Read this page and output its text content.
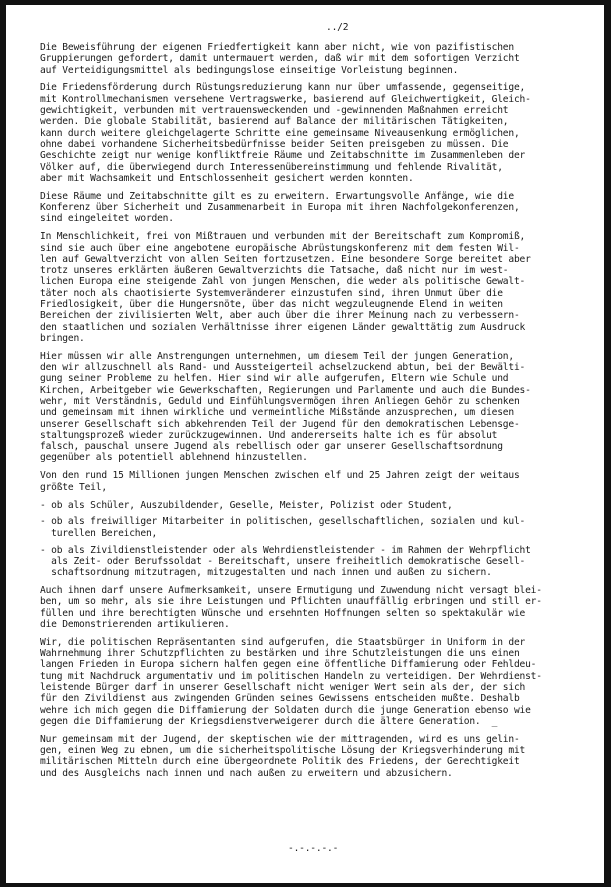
../2
Die Beweisführung der eigenen Friedfertigkeit kann aber nicht, wie von pazifistischen
Gruppierungen gefordert, damit untermauert werden, daß wir mit dem sofortigen Verzicht
auf Verteidigungsmittel als bedingungslose einseitige Vorleistung beginnen.
Die Friedensförderung durch Rüstungsreduzierung kann nur über umfassende, gegenseitige,
mit Kontrollmechanismen versehene Vertragswerke, basierend auf Gleichwertigkeit, Gleich-
gewichtigkeit, verbunden mit vertrauensweckenden und -gewinnenden Maßnahmen erreicht
werden. Die globale Stabilität, basierend auf Balance der militärischen Tätigkeiten,
kann durch weitere gleichgelagerte Schritte eine gemeinsame Niveausenkung ermöglichen,
ohne dabei vorhandene Sicherheitsbedürfnisse beider Seiten preisgeben zu müssen. Die
Geschichte zeigt nur wenige konfliktfreie Räume und Zeitabschnitte im Zusammenleben der
Völker auf, die überwiegend durch Interessenübereinstimmung und fehlende Rivalität,
aber mit Wachsamkeit und Entschlossenheit gesichert werden konnten.
Diese Räume und Zeitabschnitte gilt es zu erweitern. Erwartungsvolle Anfänge, wie die
Konferenz über Sicherheit und Zusammenarbeit in Europa mit ihren Nachfolgekonferenzen,
sind eingeleitet worden.
In Menschlichkeit, frei von Mißtrauen und verbunden mit der Bereitschaft zum Kompromiß,
sind sie auch über eine angebotene europäische Abrüstungskonferenz mit dem festen Wil-
len auf Gewaltverzicht von allen Seiten fortzusetzen. Eine besondere Sorge bereitet aber
trotz unseres erklärten äußeren Gewaltverzichts die Tatsache, daß nicht nur im west-
lichen Europa eine steigende Zahl von jungen Menschen, die weder als politische Gewalt-
täter noch als chaotisierte Systemveränderer einzustufen sind, ihren Unmut über die
Friedlosigkeit, über die Hungersnöte, über das nicht wegzuleugnende Elend in weiten
Bereichen der zivilisierten Welt, aber auch über die ihrer Meinung nach zu verbessern-
den staatlichen und sozialen Verhältnisse ihrer eigenen Länder gewalttätig zum Ausdruck
bringen.
Hier müssen wir alle Anstrengungen unternehmen, um diesem Teil der jungen Generation,
den wir allzuschnell als Rand- und Aussteigerteil achselzuckend abtun, bei der Bewälti-
gung seiner Probleme zu helfen. Hier sind wir alle aufgerufen, Eltern wie Schule und
Kirchen, Arbeitgeber wie Gewerkschaften, Regierungen und Parlamente und auch die Bundes-
wehr, mit Verständnis, Geduld und Einfühlungsvermögen ihren Anliegen Gehör zu schenken
und gemeinsam mit ihnen wirkliche und vermeintliche Mißstände anzusprechen, um diesen
unserer Gesellschaft sich abkehrenden Teil der Jugend für den demokratischen Lebensge-
staltungsprozeß wieder zurückzugewinnen. Und andererseits halte ich es für absolut
falsch, pauschal unsere Jugend als rebellisch oder gar unserer Gesellschaftsordnung
gegenüber als potentiell ablehnend hinzustellen.
Von den rund 15 Millionen jungen Menschen zwischen elf und 25 Jahren zeigt der weitaus
größte Teil,
- ob als Schüler, Auszubildender, Geselle, Meister, Polizist oder Student,
- ob als freiwilliger Mitarbeiter in politischen, gesellschaftlichen, sozialen und kul-
turellen Bereichen,
- ob als Zivildienstleistender oder als Wehrdienstleistender - im Rahmen der Wehrpflicht
als Zeit- oder Berufssoldat - Bereitschaft, unsere freiheitlich demokratische Gesell-
schaftsordnung mitzutragen, mitzugestalten und nach innen und außen zu sichern.
Auch ihnen darf unsere Aufmerksamkeit, unsere Ermutigung und Zuwendung nicht versagt blei-
ben, um so mehr, als sie ihre Leistungen und Pflichten unauffällig erbringen und still er-
füllen und ihre berechtigten Wünsche und ersehnten Hoffnungen selten so spektakulär wie
die Demonstrierenden artikulieren.
Wir, die politischen Repräsentanten sind aufgerufen, die Staatsbürger in Uniform in der
Wahrnehmung ihrer Schutzpflichten zu bestärken und ihre Schutzleistungen die uns einen
langen Frieden in Europa sichern halfen gegen eine öffentliche Diffamierung oder Fehldeu-
tung mit Nachdruck argumentativ und im politischen Handeln zu verteidigen. Der Wehrdienst-
leistende Bürger darf in unserer Gesellschaft nicht weniger Wert sein als der, der sich
für den Zivildienst aus zwingenden Gründen seines Gewissens entscheiden mußte. Deshalb
wehre ich mich gegen die Diffamierung der Soldaten durch die junge Generation ebenso wie
gegen die Diffamierung der Kriegsdienstverweigerer durch die ältere Generation.  _
Nur gemeinsam mit der Jugend, der skeptischen wie der mittragenden, wird es uns gelin-
gen, einen Weg zu ebnen, um die sicherheitspolitische Lösung der Kriegsverhinderung mit
militärischen Mitteln durch eine übergeordnete Politik des Friedens, der Gerechtigkeit
und des Ausgleichs nach innen und nach außen zu erweitern und abzusichern.
-.-.-.-.-
